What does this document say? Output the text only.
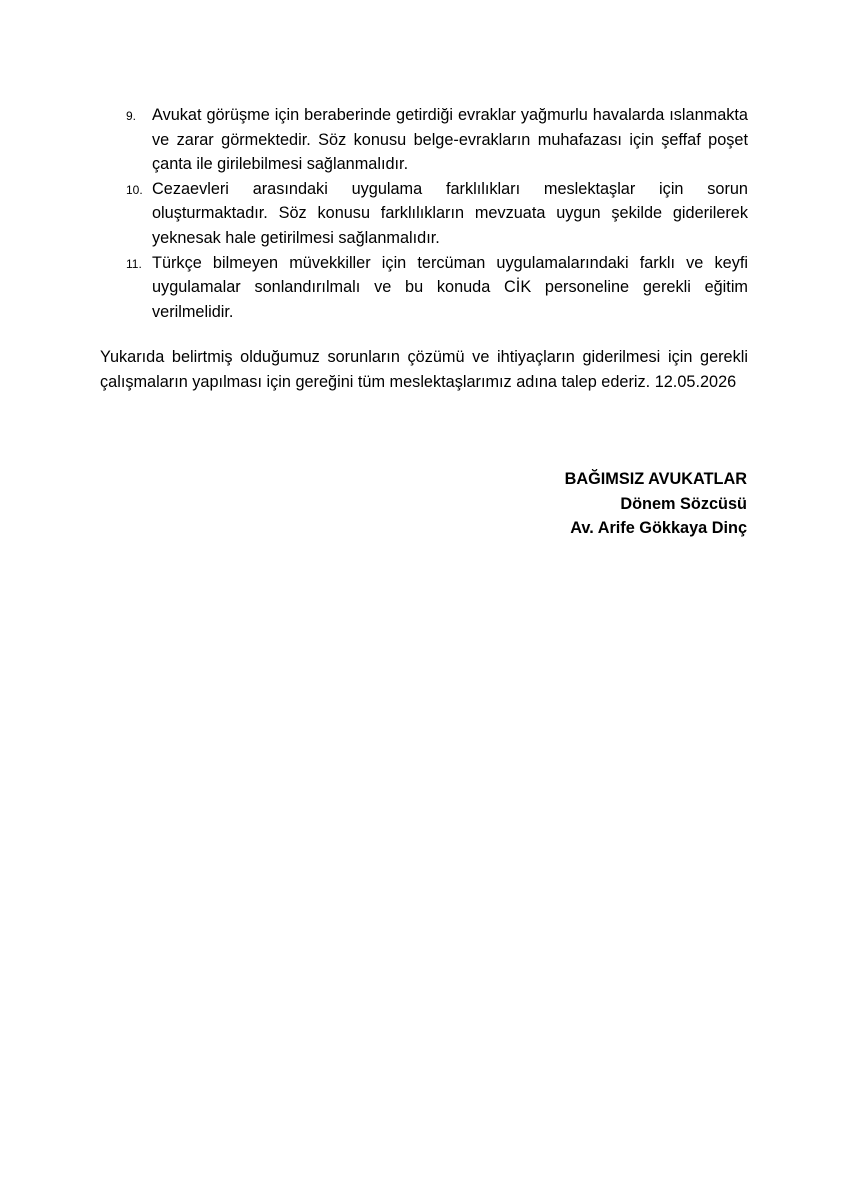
9. Avukat görüşme için beraberinde getirdiği evraklar yağmurlu havalarda ıslanmakta ve zarar görmektedir. Söz konusu belge-evrakların muhafazası için şeffaf poşet çanta ile girilebilmesi sağlanmalıdır.
10. Cezaevleri arasındaki uygulama farklılıkları meslektaşlar için sorun oluşturmaktadır. Söz konusu farklılıkların mevzuata uygun şekilde giderilerek yeknesak hale getirilmesi sağlanmalıdır.
11. Türkçe bilmeyen müvekkiller için tercüman uygulamalarındaki farklı ve keyfi uygulamalar sonlandırılmalı ve bu konuda CİK personeline gerekli eğitim verilmelidir.

Yukarıda belirtmiş olduğumuz sorunların çözümü ve ihtiyaçların giderilmesi için gerekli çalışmaların yapılması için gereğini tüm meslektaşlarımız adına talep ederiz. 12.05.2026

BAĞIMSIZ AVUKATLAR
Dönem Sözcüsü
Av. Arife Gökkaya Dinç
